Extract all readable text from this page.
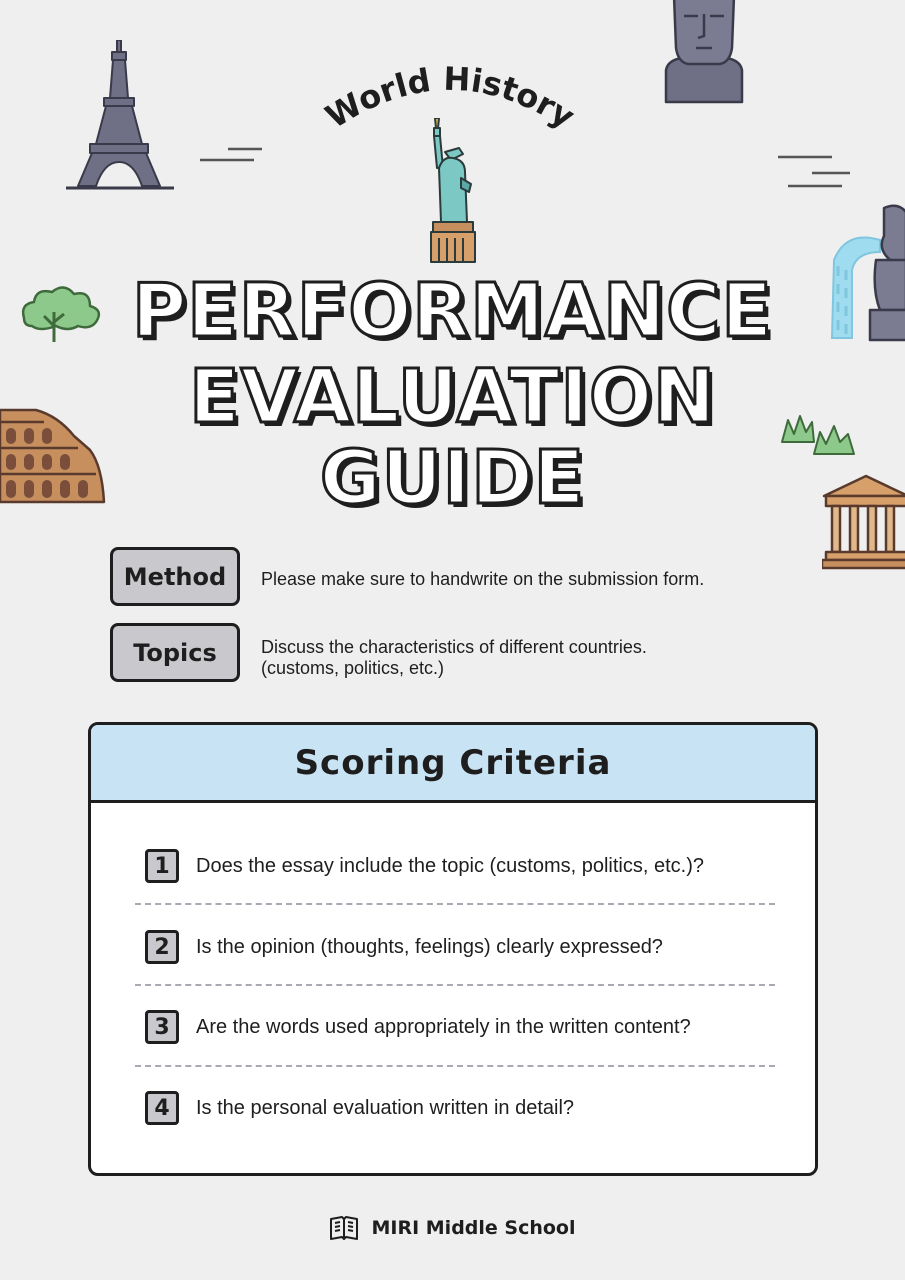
World History
PERFORMANCE
EVALUATION
GUIDE
Method	Please make sure to handwrite on the submission form.
Topics	Discuss the characteristics of different countries.
(customs, politics, etc.)
Scoring Criteria
1	Does the essay include the topic (customs, politics, etc.)?
2	Is the opinion (thoughts, feelings) clearly expressed?
3	Are the words used appropriately in the written content?
4	Is the personal evaluation written in detail?
MIRI Middle School
